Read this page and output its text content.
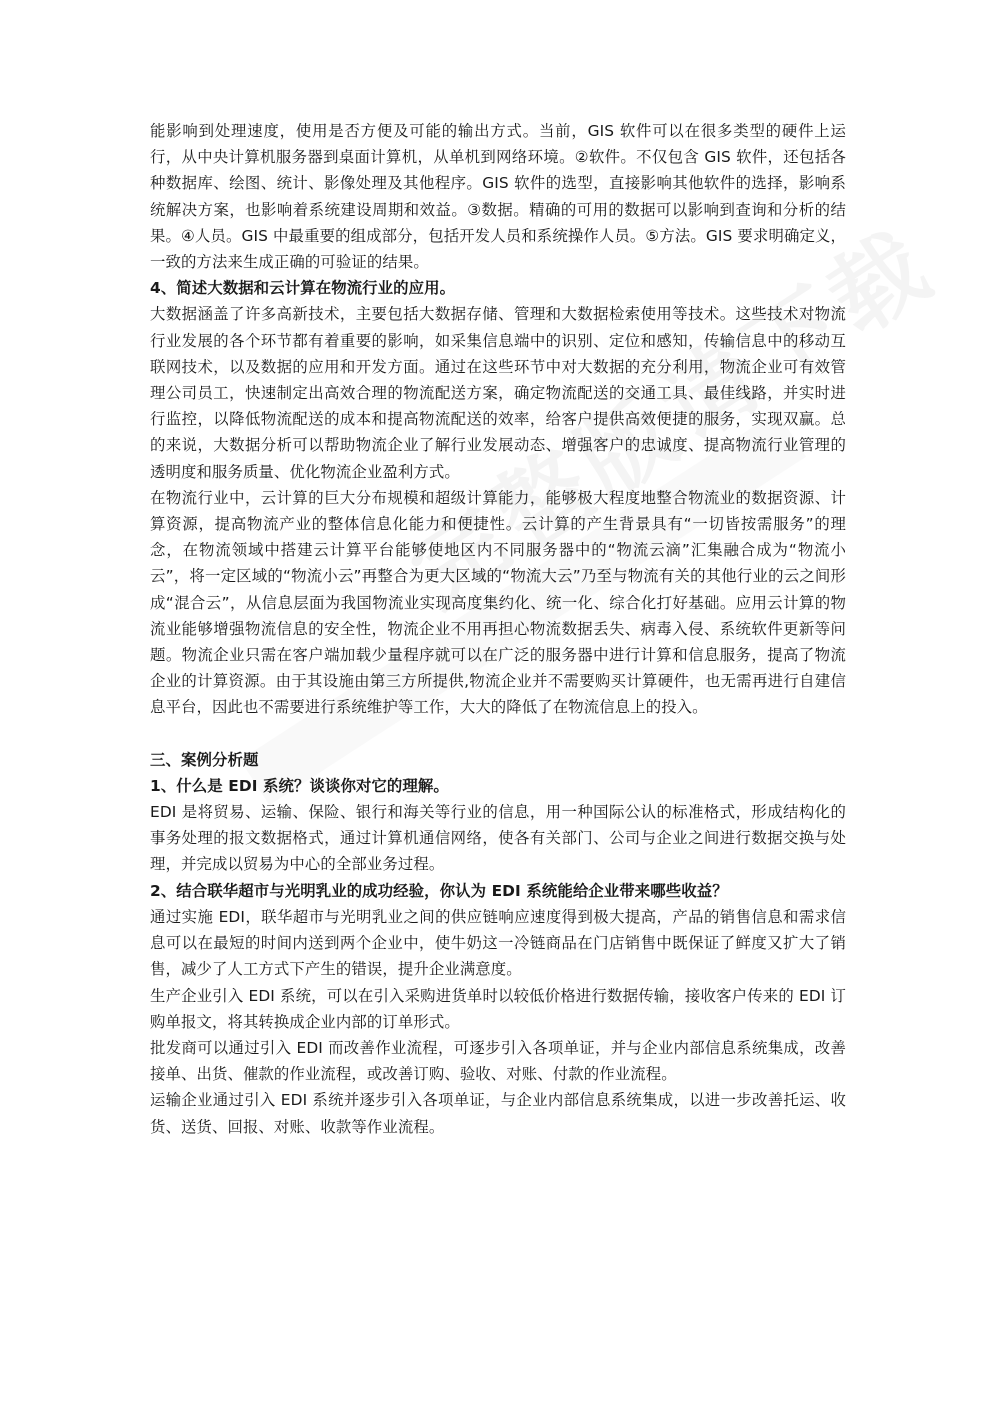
能影响到处理速度，使用是否方便及可能的输出方式。当前，GIS 软件可以在很多类型的硬件上运行，从中央计算机服务器到桌面计算机，从单机到网络环境。②软件。不仅包含 GIS 软件，还包括各种数据库、绘图、统计、影像处理及其他程序。GIS 软件的选型，直接影响其他软件的选择，影响系统解决方案，也影响着系统建设周期和效益。③数据。精确的可用的数据可以影响到查询和分析的结果。④人员。GIS 中最重要的组成部分，包括开发人员和系统操作人员。⑤方法。GIS 要求明确定义，一致的方法来生成正确的可验证的结果。

4、简述大数据和云计算在物流行业的应用。

大数据涵盖了许多高新技术，主要包括大数据存储、管理和大数据检索使用等技术。这些技术对物流行业发展的各个环节都有着重要的影响，如采集信息端中的识别、定位和感知，传输信息中的移动互联网技术，以及数据的应用和开发方面。通过在这些环节中对大数据的充分利用，物流企业可有效管理公司员工，快速制定出高效合理的物流配送方案，确定物流配送的交通工具、最佳线路，并实时进行监控，以降低物流配送的成本和提高物流配送的效率，给客户提供高效便捷的服务，实现双赢。总的来说，大数据分析可以帮助物流企业了解行业发展动态、增强客户的忠诚度、提高物流行业管理的透明度和服务质量、优化物流企业盈利方式。

在物流行业中，云计算的巨大分布规模和超级计算能力，能够极大程度地整合物流业的数据资源、计算资源，提高物流产业的整体信息化能力和便捷性。云计算的产生背景具有“一切皆按需服务”的理念，在物流领域中搭建云计算平台能够使地区内不同服务器中的“物流云滴”汇集融合成为“物流小云”，将一定区域的“物流小云”再整合为更大区域的“物流大云”乃至与物流有关的其他行业的云之间形成“混合云”，从信息层面为我国物流业实现高度集约化、统一化、综合化打好基础。应用云计算的物流业能够增强物流信息的安全性，物流企业不用再担心物流数据丢失、病毒入侵、系统软件更新等问题。物流企业只需在客户端加载少量程序就可以在广泛的服务器中进行计算和信息服务，提高了物流企业的计算资源。由于其设施由第三方所提供,物流企业并不需要购买计算硬件，也无需再进行自建信息平台，因此也不需要进行系统维护等工作，大大的降低了在物流信息上的投入。

三、案例分析题

1、什么是 EDI 系统？谈谈你对它的理解。

EDI 是将贸易、运输、保险、银行和海关等行业的信息，用一种国际公认的标准格式，形成结构化的事务处理的报文数据格式，通过计算机通信网络，使各有关部门、公司与企业之间进行数据交换与处理，并完成以贸易为中心的全部业务过程。

2、结合联华超市与光明乳业的成功经验，你认为 EDI 系统能给企业带来哪些收益？

通过实施 EDI，联华超市与光明乳业之间的供应链响应速度得到极大提高，产品的销售信息和需求信息可以在最短的时间内送到两个企业中，使牛奶这一冷链商品在门店销售中既保证了鲜度又扩大了销售，减少了人工方式下产生的错误，提升企业满意度。

生产企业引入 EDI 系统，可以在引入采购进货单时以较低价格进行数据传输，接收客户传来的 EDI 订购单报文，将其转换成企业内部的订单形式。

批发商可以通过引入 EDI 而改善作业流程，可逐步引入各项单证，并与企业内部信息系统集成，改善接单、出货、催款的作业流程，或改善订购、验收、对账、付款的作业流程。

运输企业通过引入 EDI 系统并逐步引入各项单证，与企业内部信息系统集成，以进一步改善托运、收货、送货、回报、对账、收款等作业流程。
